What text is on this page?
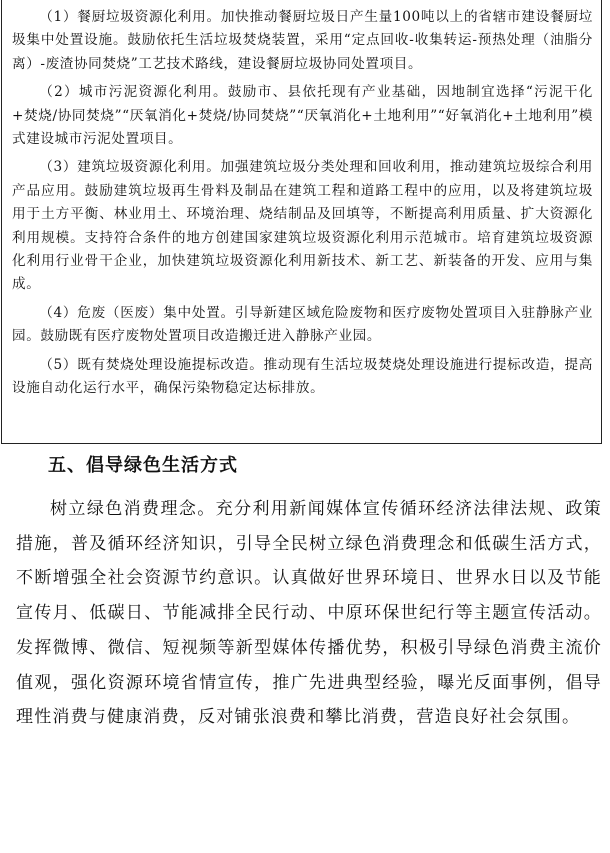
（1）餐厨垃圾资源化利用。加快推动餐厨垃圾日产生量100吨以上的省辖市建设餐厨垃圾集中处置设施。鼓励依托生活垃圾焚烧装置，采用“定点回收-收集转运-预热处理（油脂分离）-废渣协同焚烧”工艺技术路线，建设餐厨垃圾协同处置项目。

（2）城市污泥资源化利用。鼓励市、县依托现有产业基础，因地制宜选择“污泥干化+焚烧/协同焚烧”“厌氧消化+焚烧/协同焚烧”“厌氧消化+土地利用”“好氧消化+土地利用”模式建设城市污泥处置项目。

（3）建筑垃圾资源化利用。加强建筑垃圾分类处理和回收利用，推动建筑垃圾综合利用产品应用。鼓励建筑垃圾再生骨料及制品在建筑工程和道路工程中的应用，以及将建筑垃圾用于土方平衡、林业用土、环境治理、烧结制品及回填等，不断提高利用质量、扩大资源化利用规模。支持符合条件的地方创建国家建筑垃圾资源化利用示范城市。培育建筑垃圾资源化利用行业骨干企业，加快建筑垃圾资源化利用新技术、新工艺、新装备的开发、应用与集成。

（4）危废（医废）集中处置。引导新建区域危险废物和医疗废物处置项目入驻静脉产业园。鼓励既有医疗废物处置项目改造搬迁进入静脉产业园。

（5）既有焚烧处理设施提标改造。推动现有生活垃圾焚烧处理设施进行提标改造，提高设施自动化运行水平，确保污染物稳定达标排放。

五、倡导绿色生活方式

树立绿色消费理念。充分利用新闻媒体宣传循环经济法律法规、政策措施，普及循环经济知识，引导全民树立绿色消费理念和低碳生活方式，不断增强全社会资源节约意识。认真做好世界环境日、世界水日以及节能宣传月、低碳日、节能减排全民行动、中原环保世纪行等主题宣传活动。发挥微博、微信、短视频等新型媒体传播优势，积极引导绿色消费主流价值观，强化资源环境省情宣传，推广先进典型经验，曝光反面事例，倡导理性消费与健康消费，反对铺张浪费和攀比消费，营造良好社会氛围。
